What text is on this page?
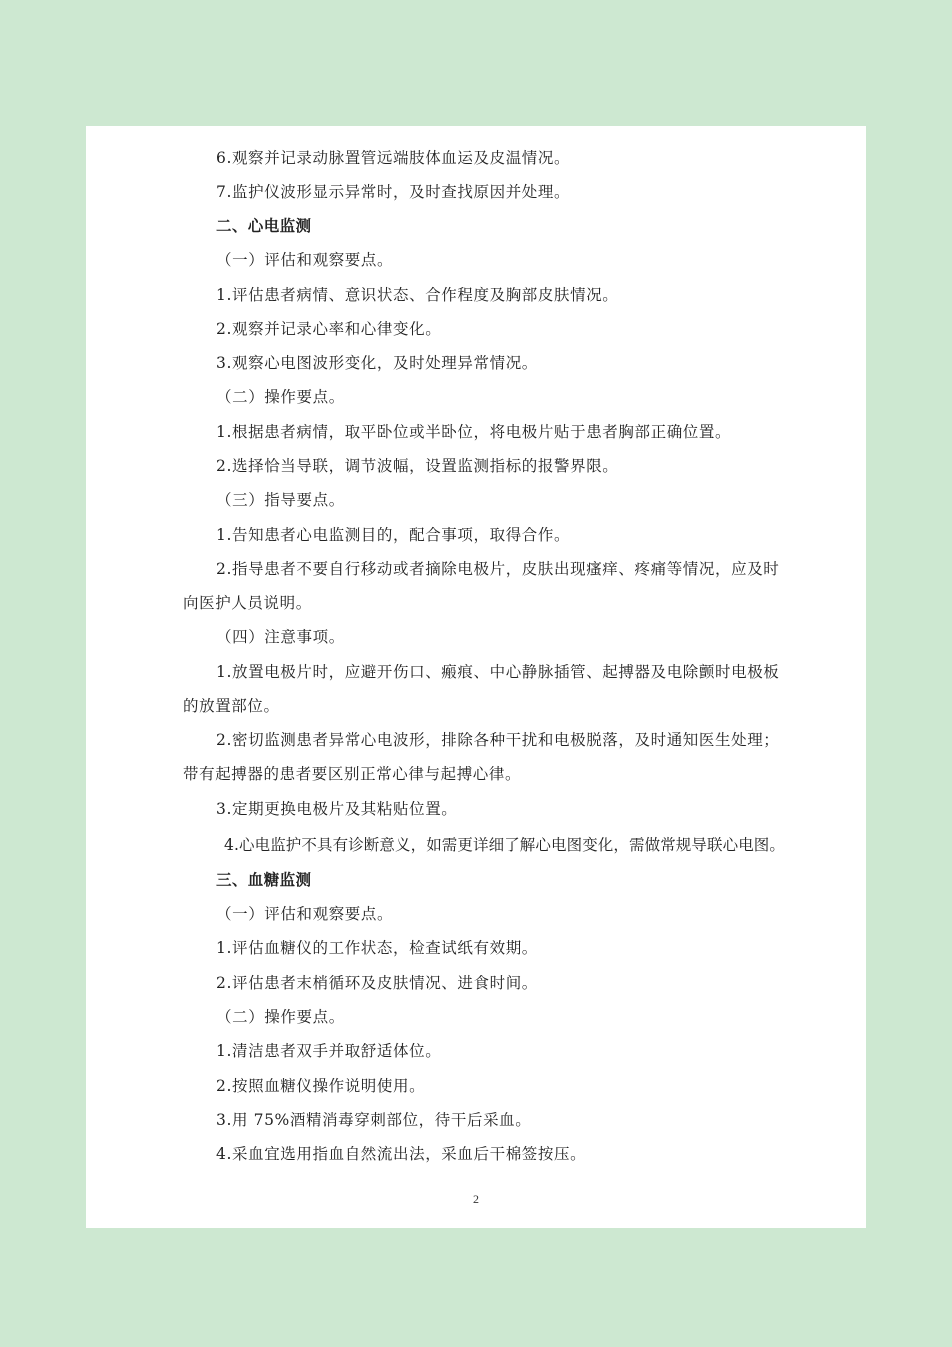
6.观察并记录动脉置管远端肢体血运及皮温情况。
7.监护仪波形显示异常时，及时查找原因并处理。
二、心电监测
（一）评估和观察要点。
1.评估患者病情、意识状态、合作程度及胸部皮肤情况。
2.观察并记录心率和心律变化。
3.观察心电图波形变化，及时处理异常情况。
（二）操作要点。
1.根据患者病情，取平卧位或半卧位，将电极片贴于患者胸部正确位置。
2.选择恰当导联，调节波幅，设置监测指标的报警界限。
（三）指导要点。
1.告知患者心电监测目的，配合事项，取得合作。
2.指导患者不要自行移动或者摘除电极片，皮肤出现瘙痒、疼痛等情况，应及时
向医护人员说明。
（四）注意事项。
1.放置电极片时，应避开伤口、瘢痕、中心静脉插管、起搏器及电除颤时电极板
的放置部位。
2.密切监测患者异常心电波形，排除各种干扰和电极脱落，及时通知医生处理；
带有起搏器的患者要区别正常心律与起搏心律。
3.定期更换电极片及其粘贴位置。
4.心电监护不具有诊断意义，如需更详细了解心电图变化，需做常规导联心电图。
三、血糖监测
（一）评估和观察要点。
1.评估血糖仪的工作状态，检查试纸有效期。
2.评估患者末梢循环及皮肤情况、进食时间。
（二）操作要点。
1.清洁患者双手并取舒适体位。
2.按照血糖仪操作说明使用。
3.用 75%酒精消毒穿刺部位，待干后采血。
4.采血宜选用指血自然流出法，采血后干棉签按压。
2
